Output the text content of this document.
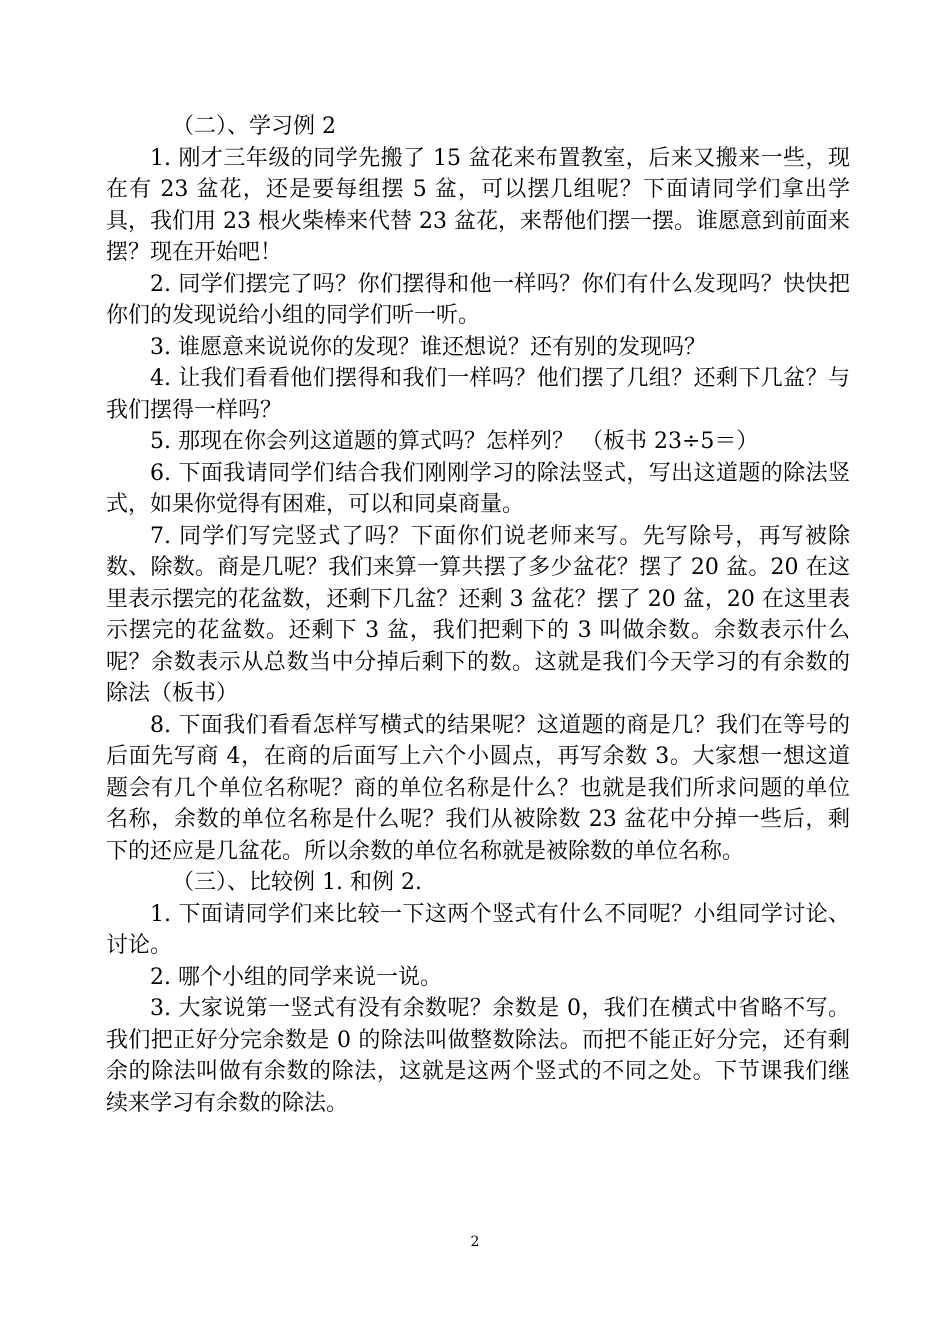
（二）、学习例 2

1. 刚才三年级的同学先搬了 15 盆花来布置教室，后来又搬来一些，现在有 23 盆花，还是要每组摆 5 盆，可以摆几组呢？下面请同学们拿出学具，我们用 23 根火柴棒来代替 23 盆花，来帮他们摆一摆。谁愿意到前面来摆？现在开始吧！

2. 同学们摆完了吗？你们摆得和他一样吗？你们有什么发现吗？快快把你们的发现说给小组的同学们听一听。

3. 谁愿意来说说你的发现？谁还想说？还有别的发现吗？

4. 让我们看看他们摆得和我们一样吗？他们摆了几组？还剩下几盆？与我们摆得一样吗？

5. 那现在你会列这道题的算式吗？怎样列？ （板书 23÷5＝）

6. 下面我请同学们结合我们刚刚学习的除法竖式，写出这道题的除法竖式，如果你觉得有困难，可以和同桌商量。

7. 同学们写完竖式了吗？下面你们说老师来写。先写除号，再写被除数、除数。商是几呢？我们来算一算共摆了多少盆花？摆了 20 盆。20 在这里表示摆完的花盆数，还剩下几盆？还剩 3 盆花？摆了 20 盆，20 在这里表示摆完的花盆数。还剩下 3 盆，我们把剩下的 3 叫做余数。余数表示什么呢？余数表示从总数当中分掉后剩下的数。这就是我们今天学习的有余数的除法（板书）

8. 下面我们看看怎样写横式的结果呢？这道题的商是几？我们在等号的后面先写商 4，在商的后面写上六个小圆点，再写余数 3。大家想一想这道题会有几个单位名称呢？商的单位名称是什么？也就是我们所求问题的单位名称，余数的单位名称是什么呢？我们从被除数 23 盆花中分掉一些后，剩下的还应是几盆花。所以余数的单位名称就是被除数的单位名称。

（三）、比较例 1. 和例 2.

1. 下面请同学们来比较一下这两个竖式有什么不同呢？小组同学讨论、讨论。

2. 哪个小组的同学来说一说。

3. 大家说第一竖式有没有余数呢？余数是 0，我们在横式中省略不写。我们把正好分完余数是 0 的除法叫做整数除法。而把不能正好分完，还有剩余的除法叫做有余数的除法，这就是这两个竖式的不同之处。下节课我们继续来学习有余数的除法。

2
